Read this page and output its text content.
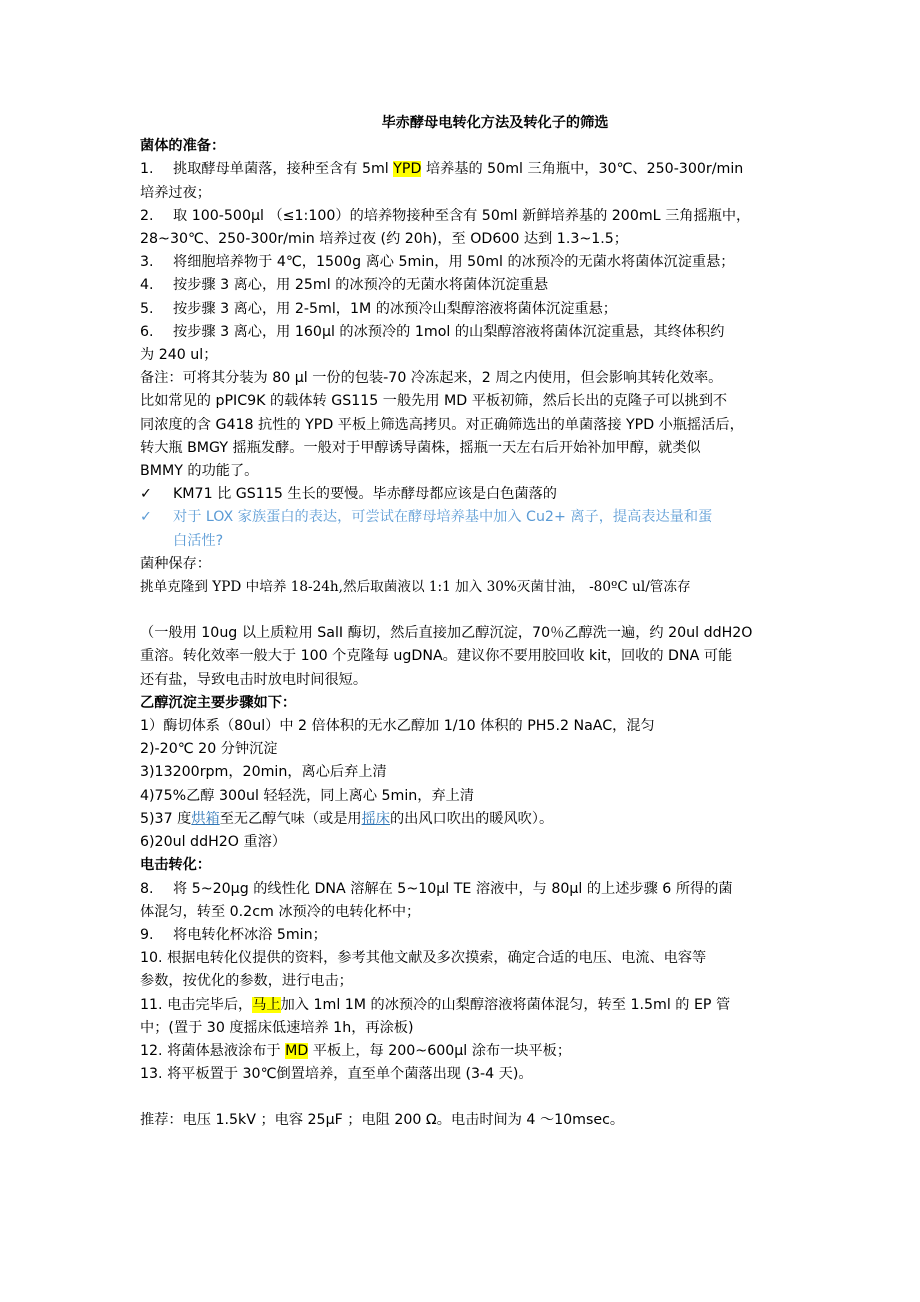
毕赤酵母电转化方法及转化子的筛选
菌体的准备：
1. 挑取酵母单菌落，接种至含有 5ml YPD 培养基的 50ml 三角瓶中，30℃、250-300r/min
培养过夜；
2. 取 100-500μl （≤1:100）的培养物接种至含有 50ml 新鲜培养基的 200mL 三角摇瓶中，
28~30℃、250-300r/min 培养过夜 (约 20h)，至 OD600 达到 1.3~1.5；
3. 将细胞培养物于 4℃，1500g 离心 5min，用 50ml 的冰预冷的无菌水将菌体沉淀重悬；
4. 按步骤 3 离心，用 25ml 的冰预冷的无菌水将菌体沉淀重悬
5. 按步骤 3 离心，用 2-5ml，1M 的冰预冷山梨醇溶液将菌体沉淀重悬；
6. 按步骤 3 离心，用 160μl 的冰预冷的 1mol 的山梨醇溶液将菌体沉淀重悬，其终体积约
为 240 ul；
备注：可将其分装为 80 μl 一份的包装-70 冷冻起来，2 周之内使用，但会影响其转化效率。
比如常见的 pPIC9K 的载体转 GS115 一般先用 MD 平板初筛，然后长出的克隆子可以挑到不
同浓度的含 G418 抗性的 YPD 平板上筛选高拷贝。对正确筛选出的单菌落接 YPD 小瓶摇活后，
转大瓶 BMGY 摇瓶发酵。一般对于甲醇诱导菌株，摇瓶一天左右后开始补加甲醇，就类似
BMMY 的功能了。
✓ KM71 比 GS115 生长的要慢。毕赤酵母都应该是白色菌落的
✓ 对于 LOX 家族蛋白的表达，可尝试在酵母培养基中加入 Cu2+ 离子，提高表达量和蛋
白活性?
菌种保存：
挑单克隆到 YPD 中培养 18-24h,然后取菌液以 1:1 加入 30%灭菌甘油， -80ºC ul/管冻存
（一般用 10ug 以上质粒用 SalI 酶切，然后直接加乙醇沉淀，70％乙醇洗一遍，约 20ul ddH2O
重溶。转化效率一般大于 100 个克隆每 ugDNA。建议你不要用胶回收 kit，回收的 DNA 可能
还有盐，导致电击时放电时间很短。
乙醇沉淀主要步骤如下：
1）酶切体系（80ul）中 2 倍体积的无水乙醇加 1/10 体积的 PH5.2 NaAC，混匀
2)-20℃ 20 分钟沉淀
3)13200rpm，20min，离心后弃上清
4)75%乙醇 300ul 轻轻洗，同上离心 5min，弃上清
5)37 度烘箱至无乙醇气味（或是用摇床的出风口吹出的暖风吹）。
6)20ul ddH2O 重溶）
电击转化：
8. 将 5~20μg 的线性化 DNA 溶解在 5~10μl TE 溶液中，与 80μl 的上述步骤 6 所得的菌
体混匀，转至 0.2cm 冰预冷的电转化杯中；
9. 将电转化杯冰浴 5min；
10. 根据电转化仪提供的资料，参考其他文献及多次摸索，确定合适的电压、电流、电容等
参数，按优化的参数，进行电击；
11. 电击完毕后，马上加入 1ml 1M 的冰预冷的山梨醇溶液将菌体混匀，转至 1.5ml 的 EP 管
中；(置于 30 度摇床低速培养 1h，再涂板)
12. 将菌体悬液涂布于 MD 平板上，每 200~600μl 涂布一块平板；
13. 将平板置于 30℃倒置培养，直至单个菌落出现 (3-4 天)。
推荐：电压 1.5kV ；电容 25μF ；电阻 200 Ω。电击时间为 4 ～10msec。
